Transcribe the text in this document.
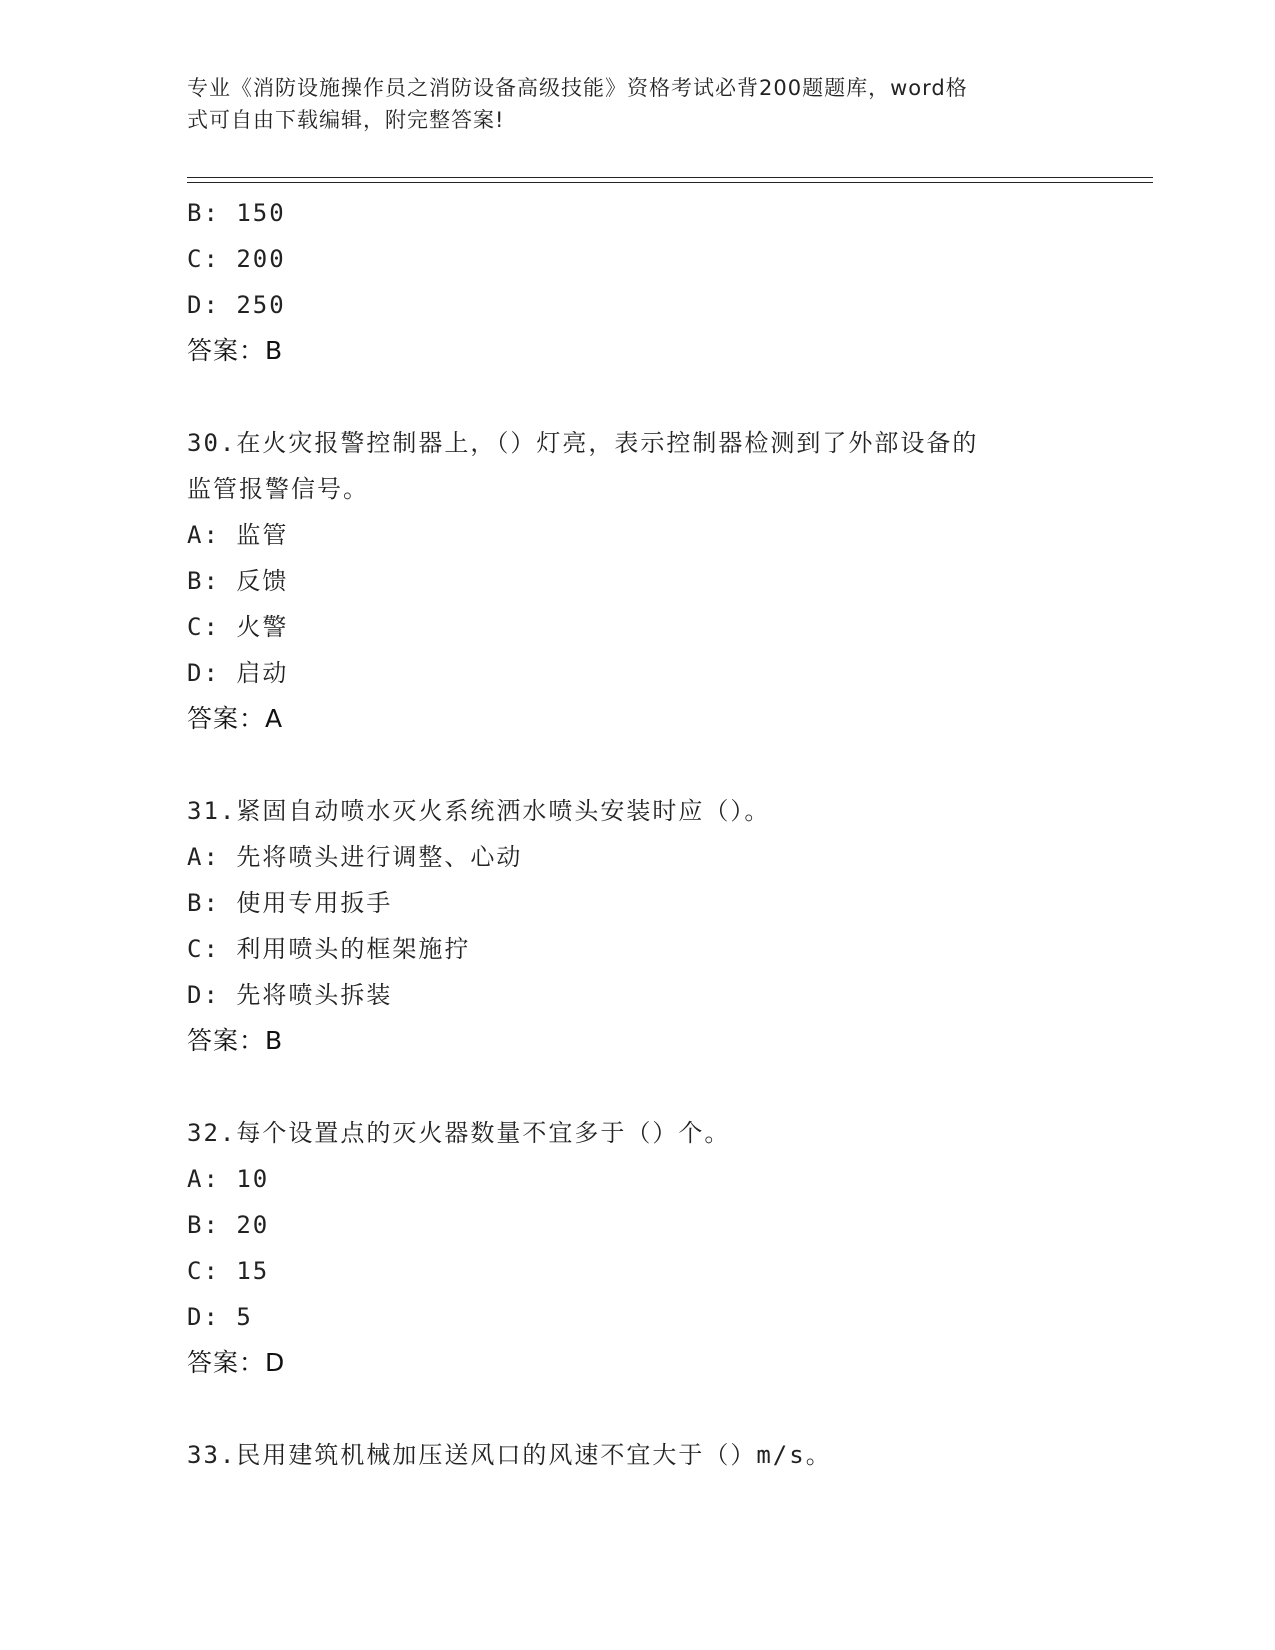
专业《消防设施操作员之消防设备高级技能》资格考试必背200题题库，word格
式可自由下载编辑，附完整答案!
B: 150
C: 200
D: 250
答案：B
30.在火灾报警控制器上，（）灯亮，表示控制器检测到了外部设备的
监管报警信号。
A: 监管
B: 反馈
C: 火警
D: 启动
答案：A
31.紧固自动喷水灭火系统洒水喷头安装时应（）。
A: 先将喷头进行调整、心动
B: 使用专用扳手
C: 利用喷头的框架施拧
D: 先将喷头拆装
答案：B
32.每个设置点的灭火器数量不宜多于（）个。
A: 10
B: 20
C: 15
D: 5
答案：D
33.民用建筑机械加压送风口的风速不宜大于（）m/s。
